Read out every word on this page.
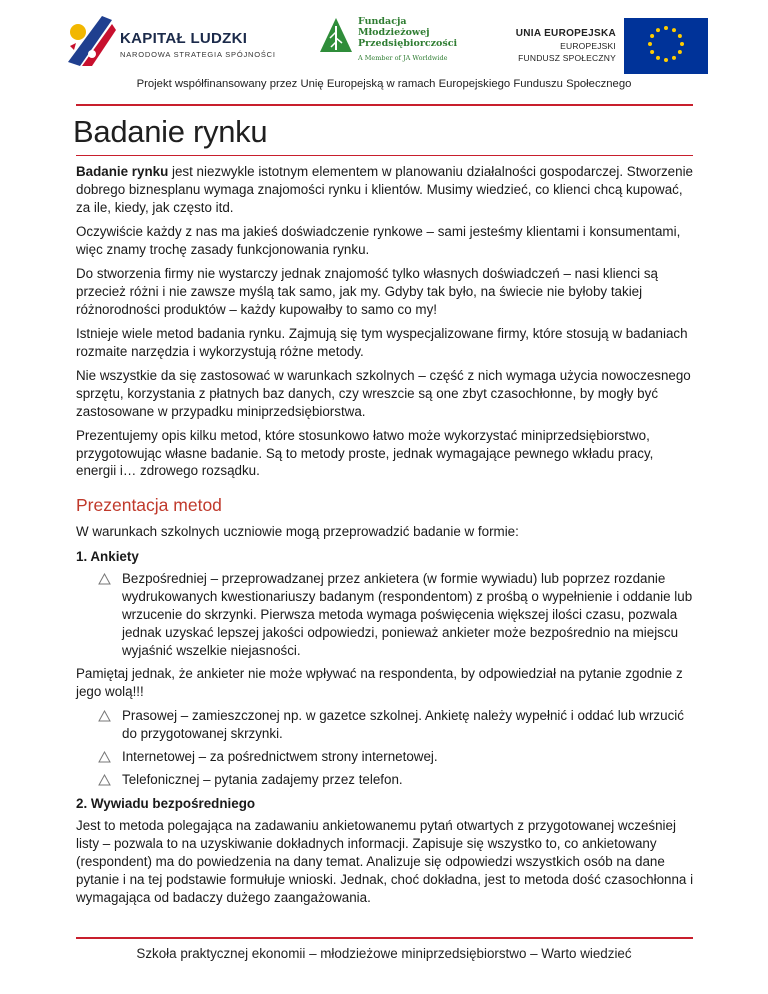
KAPITAŁ LUDZKI
NARODOWA STRATEGIA SPÓJNOŚCI
Fundacja
Młodzieżowej
Przedsiębiorczości
A Member of JA Worldwide
UNIA EUROPEJSKA
EUROPEJSKI
FUNDUSZ SPOŁECZNY
Projekt współfinansowany przez Unię Europejską w ramach Europejskiego Funduszu Społecznego
Badanie rynku

Badanie rynku jest niezwykle istotnym elementem w planowaniu działalności gospodarczej. Stworzenie dobrego biznesplanu wymaga znajomości rynku i klientów. Musimy wiedzieć, co klienci chcą kupować, za ile, kiedy, jak często itd.

Oczywiście każdy z nas ma jakieś doświadczenie rynkowe – sami jesteśmy klientami i konsumentami, więc znamy trochę zasady funkcjonowania rynku.

Do stworzenia firmy nie wystarczy jednak znajomość tylko własnych doświadczeń – nasi klienci są przecież różni i nie zawsze myślą tak samo, jak my. Gdyby tak było, na świecie nie byłoby takiej różnorodności produktów – każdy kupowałby to samo co my!

Istnieje wiele metod badania rynku. Zajmują się tym wyspecjalizowane firmy, które stosują w badaniach rozmaite narzędzia i wykorzystują różne metody.

Nie wszystkie da się zastosować w warunkach szkolnych – część z nich wymaga użycia nowoczesnego sprzętu, korzystania z płatnych baz danych, czy wreszcie są one zbyt czasochłonne, by mogły być zastosowane w przypadku miniprzedsiębiorstwa.

Prezentujemy opis kilku metod, które stosunkowo łatwo może wykorzystać miniprzedsiębiorstwo, przygotowując własne badanie. Są to metody proste, jednak wymagające pewnego wkładu pracy, energii i… zdrowego rozsądku.

Prezentacja metod

W warunkach szkolnych uczniowie mogą przeprowadzić badanie w formie:

1. Ankiety
Bezpośredniej – przeprowadzanej przez ankietera (w formie wywiadu) lub poprzez rozdanie wydrukowanych kwestionariuszy badanym (respondentom) z prośbą o wypełnienie i oddanie lub wrzucenie do skrzynki. Pierwsza metoda wymaga poświęcenia większej ilości czasu, pozwala jednak uzyskać lepszej jakości odpowiedzi, ponieważ ankieter może bezpośrednio na miejscu wyjaśnić wszelkie niejasności.

Pamiętaj jednak, że ankieter nie może wpływać na respondenta, by odpowiedział na pytanie zgodnie z jego wolą!!!

Prasowej – zamieszczonej np. w gazetce szkolnej. Ankietę należy wypełnić i oddać lub wrzucić do przygotowanej skrzynki.
Internetowej – za pośrednictwem strony internetowej.
Telefonicznej – pytania zadajemy przez telefon.
2. Wywiadu bezpośredniego

Jest to metoda polegająca na zadawaniu ankietowanemu pytań otwartych z przygotowanej wcześniej listy – pozwala to na uzyskiwanie dokładnych informacji. Zapisuje się wszystko to, co ankietowany (respondent) ma do powiedzenia na dany temat. Analizuje się odpowiedzi wszystkich osób na dane pytanie i na tej podstawie formułuje wnioski. Jednak, choć dokładna, jest to metoda dość czasochłonna i wymagająca od badaczy dużego zaangażowania.

Szkoła praktycznej ekonomii – młodzieżowe miniprzedsiębiorstwo – Warto wiedzieć
